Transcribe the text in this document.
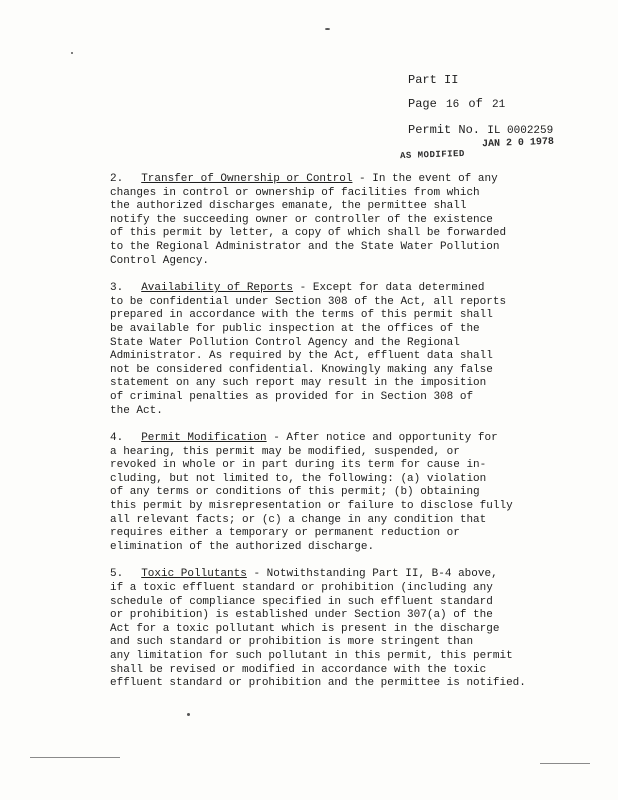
Part II
Page 16 of 21
Permit No. IL 0002259
JAN 2 0 1978
AS MODIFIED
2. Transfer of Ownership or Control - In the event of any
changes in control or ownership of facilities from which
the authorized discharges emanate, the permittee shall
notify the succeeding owner or controller of the existence
of this permit by letter, a copy of which shall be forwarded
to the Regional Administrator and the State Water Pollution
Control Agency.
3. Availability of Reports - Except for data determined
to be confidential under Section 308 of the Act, all reports
prepared in accordance with the terms of this permit shall
be available for public inspection at the offices of the
State Water Pollution Control Agency and the Regional
Administrator. As required by the Act, effluent data shall
not be considered confidential. Knowingly making any false
statement on any such report may result in the imposition
of criminal penalties as provided for in Section 308 of
the Act.
4. Permit Modification - After notice and opportunity for
a hearing, this permit may be modified, suspended, or
revoked in whole or in part during its term for cause in-
cluding, but not limited to, the following: (a) violation
of any terms or conditions of this permit; (b) obtaining
this permit by misrepresentation or failure to disclose fully
all relevant facts; or (c) a change in any condition that
requires either a temporary or permanent reduction or
elimination of the authorized discharge.
5. Toxic Pollutants - Notwithstanding Part II, B-4 above,
if a toxic effluent standard or prohibition (including any
schedule of compliance specified in such effluent standard
or prohibition) is established under Section 307(a) of the
Act for a toxic pollutant which is present in the discharge
and such standard or prohibition is more stringent than
any limitation for such pollutant in this permit, this permit
shall be revised or modified in accordance with the toxic
effluent standard or prohibition and the permittee is notified.
